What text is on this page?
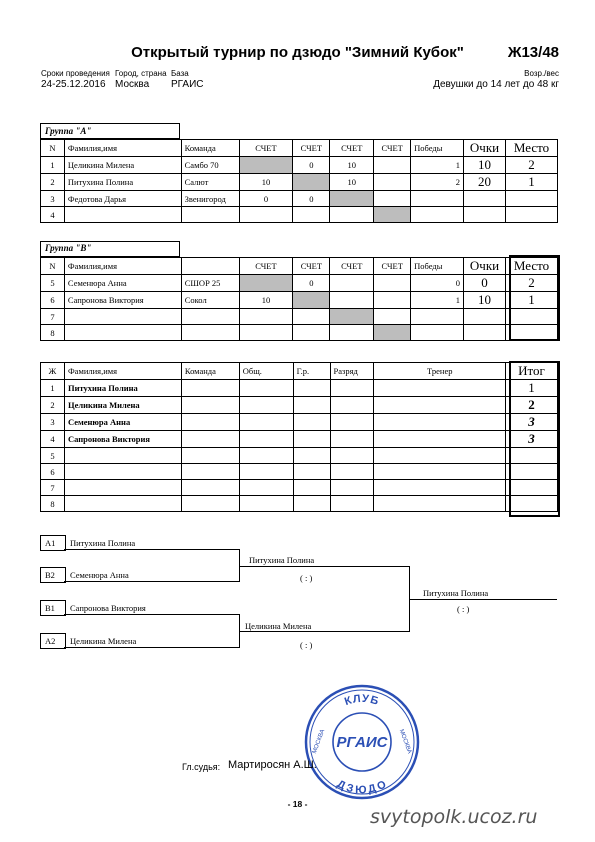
Открытый турнир по дзюдо "Зимний Кубок"	Ж13/48
Сроки проведения Город, страна База	Возр./вес
24-25.12.2016 Москва РГАИС	Девушки до 14 лет до 48 кг
Группа "А"
N	Фамилия,имя	Команда	СЧЕТ	СЧЕТ	СЧЕТ	СЧЕТ	Победы	Очки	Место
1	Целикина Милена	Самбо 70		0	10		1	10	2
2	Питухина Полина	Салют	10		10		2	20	1
3	Федотова Дарья	Звенигород	0	0					
4									
Группа "В"
N	Фамилия,имя		СЧЕТ	СЧЕТ	СЧЕТ	СЧЕТ	Победы	Очки	Место
5	Семенюра Анна	СШОР 25		0			0	0	2
6	Сапронова Виктория	Сокол	10				1	10	1
7									
8									
Ж	Фамилия,имя	Команда	Общ.	Г.р.	Разряд	Тренер	Итог
1	Питухина Полина						1
2	Целикина Милена						2
3	Семенюра Анна						3
4	Сапронова Виктория						3
5							
6							
7							
8							
А1 Питухина Полина
В2 Семенюра Анна
Питухина Полина
( : )
В1 Сапронова Виктория
А2 Целикина Милена
Целикина Милена
( : )
Питухина Полина
( : )
КЛУБ
ДЗЮДО
МОСКВА	МОСКВА
РГАИС
Гл.судья: Мартиросян А.Ш.
- 18 -
svytopolk.ucoz.ru
